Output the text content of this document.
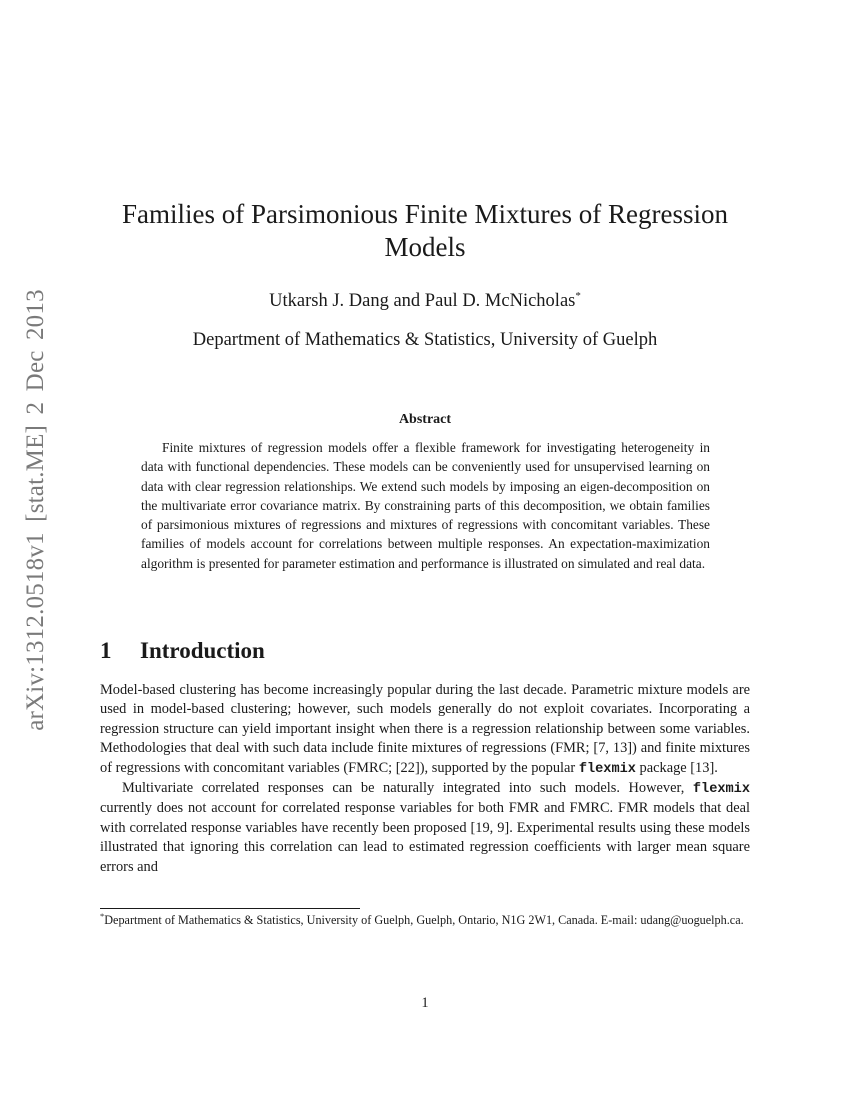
arXiv:1312.0518v1 [stat.ME] 2 Dec 2013
Families of Parsimonious Finite Mixtures of Regression Models
Utkarsh J. Dang and Paul D. McNicholas*
Department of Mathematics & Statistics, University of Guelph
Abstract
Finite mixtures of regression models offer a flexible framework for investigating heterogeneity in data with functional dependencies. These models can be conveniently used for unsupervised learning on data with clear regression relationships. We extend such models by imposing an eigen-decomposition on the multivariate error covariance matrix. By constraining parts of this decomposition, we obtain families of parsimonious mixtures of regressions and mixtures of regressions with concomitant variables. These families of models account for correlations between multiple responses. An expectation-maximization algorithm is presented for parameter estimation and performance is illustrated on simulated and real data.
1 Introduction

Model-based clustering has become increasingly popular during the last decade. Parametric mixture models are used in model-based clustering; however, such models generally do not exploit covariates. Incorporating a regression structure can yield important insight when there is a regression relationship between some variables. Methodologies that deal with such data include finite mixtures of regressions (FMR; [7, 13]) and finite mixtures of regressions with concomitant variables (FMRC; [22]), supported by the popular flexmix package [13].

Multivariate correlated responses can be naturally integrated into such models. However, flexmix currently does not account for correlated response variables for both FMR and FMRC. FMR models that deal with correlated response variables have recently been proposed [19, 9]. Experimental results using these models illustrated that ignoring this correlation can lead to estimated regression coefficients with larger mean square errors and

*Department of Mathematics & Statistics, University of Guelph, Guelph, Ontario, N1G 2W1, Canada. E-mail: udang@uoguelph.ca.
1
